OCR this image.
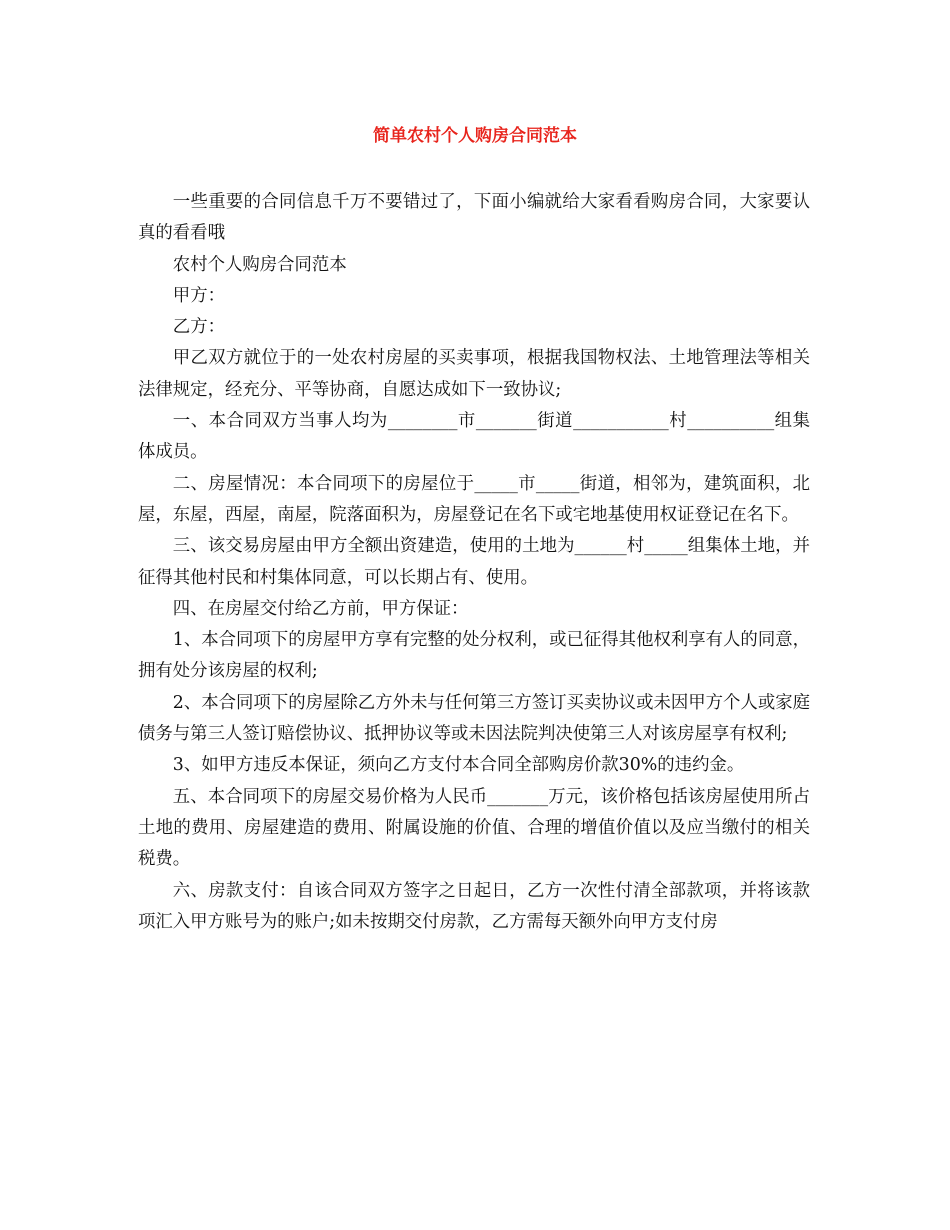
简单农村个人购房合同范本

一些重要的合同信息千万不要错过了，下面小编就给大家看看购房合同，大家要认真的看看哦

农村个人购房合同范本

甲方：

乙方：

甲乙双方就位于的一处农村房屋的买卖事项，根据我国物权法、土地管理法等相关法律规定，经充分、平等协商，自愿达成如下一致协议;

一、本合同双方当事人均为________市_______街道___________村__________组集体成员。

二、房屋情况：本合同项下的房屋位于_____市_____街道，相邻为，建筑面积，北屋，东屋，西屋，南屋，院落面积为，房屋登记在名下或宅地基使用权证登记在名下。

三、该交易房屋由甲方全额出资建造，使用的土地为______村_____组集体土地，并征得其他村民和村集体同意，可以长期占有、使用。

四、在房屋交付给乙方前，甲方保证：

1、本合同项下的房屋甲方享有完整的处分权利，或已征得其他权利享有人的同意，拥有处分该房屋的权利;

2、本合同项下的房屋除乙方外未与任何第三方签订买卖协议或未因甲方个人或家庭债务与第三人签订赔偿协议、抵押协议等或未因法院判决使第三人对该房屋享有权利;

3、如甲方违反本保证，须向乙方支付本合同全部购房价款30%的违约金。

五、本合同项下的房屋交易价格为人民币_______万元，该价格包括该房屋使用所占土地的费用、房屋建造的费用、附属设施的价值、合理的增值价值以及应当缴付的相关税费。

六、房款支付：自该合同双方签字之日起日，乙方一次性付清全部款项，并将该款项汇入甲方账号为的账户;如未按期交付房款，乙方需每天额外向甲方支付房
